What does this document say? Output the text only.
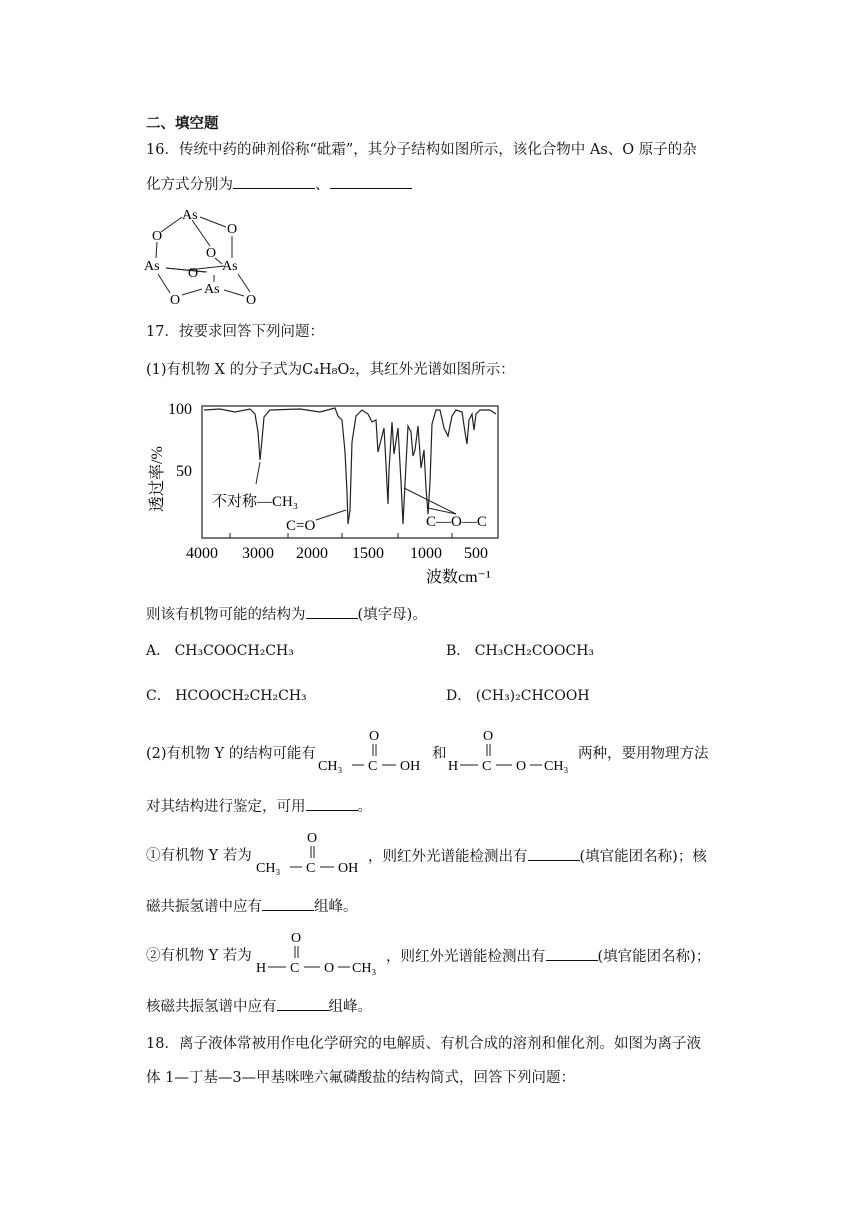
二、填空题
16．传统中药的砷剂俗称“砒霜”，其分子结构如图所示，该化合物中 As、O 原子的杂
化方式分别为	、
As
O	O
O
As O As
As
O	O
17．按要求回答下列问题：
(1)有机物 X 的分子式为C₄H₈O₂，其红外光谱如图所示：
100
50
透过率/%
4000 3000 2000 1500 1000 500
波数cm⁻¹
不对称—CH₃
C=O	C—O—C
则该有机物可能的结构为	(填字母)。
A． CH₃COOCH₂CH₃	B． CH₃CH₂COOCH₃
C． HCOOCH₂CH₂CH₃	D． (CH₃)₂CHCOOH
(2)有机物 Y 的结构可能有
CH₃ C
O
OH
和
H C
O
O CH₃
两种，要用物理方法
对其结构进行鉴定，可用	。
①有机物 Y 若为
CH₃ C
O
OH
，则红外光谱能检测出有	(填官能团名称)；核
磁共振氢谱中应有	组峰。
②有机物 Y 若为
H C
O
O CH₃
，则红外光谱能检测出有	(填官能团名称)；
核磁共振氢谱中应有	组峰。
18．离子液体常被用作电化学研究的电解质、有机合成的溶剂和催化剂。如图为离子液
体 1—丁基—3—甲基咪唑六氟磷酸盐的结构简式，回答下列问题：
